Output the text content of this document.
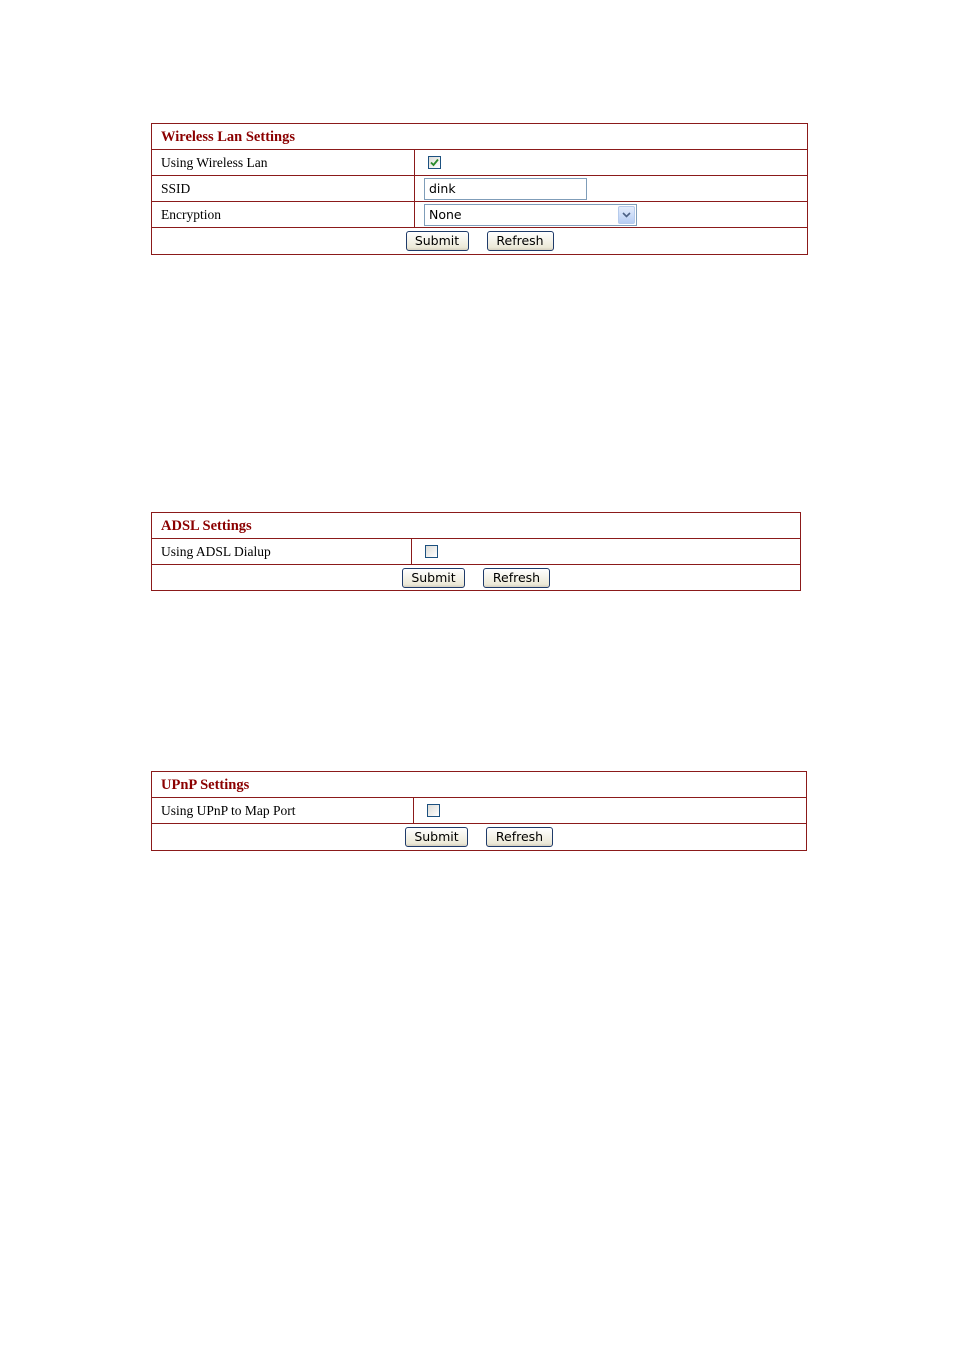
Wireless Lan Settings
Using Wireless Lan
SSID	dink
Encryption	None
Submit	Refresh
ADSL Settings
Using ADSL Dialup
Submit	Refresh
UPnP Settings
Using UPnP to Map Port
Submit	Refresh
